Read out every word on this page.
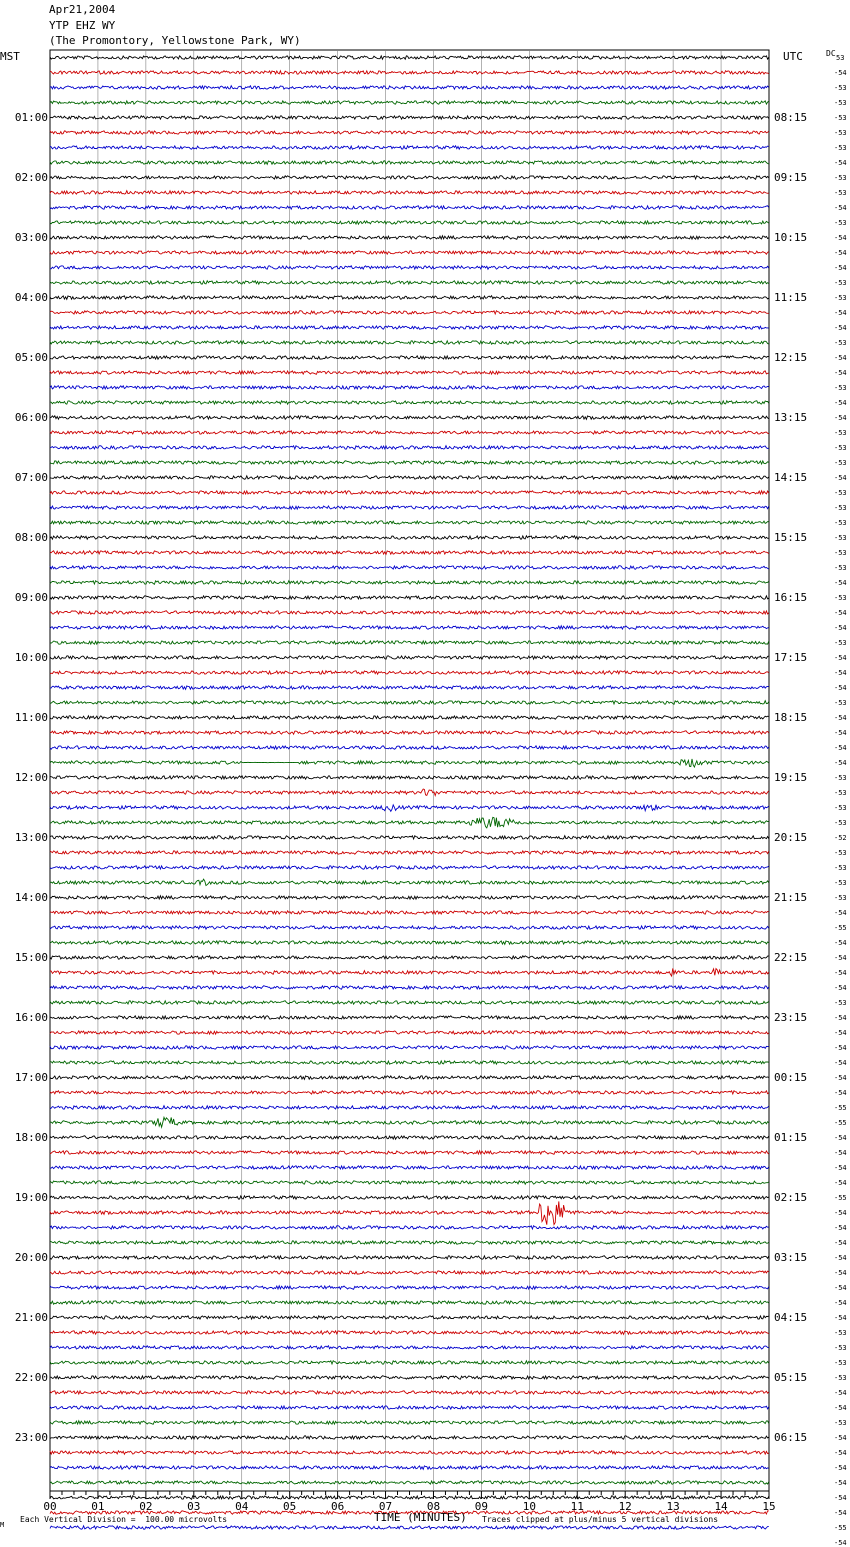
Apr21,2004
YTP EHZ WY
(The Promontory, Yellowstone Park, WY)
MST	UTC	DC
01:00
02:00
03:00
04:00
05:00
06:00
07:00
08:00
09:00
10:00
11:00
12:00
13:00
14:00
15:00
16:00
17:00
18:00
19:00
20:00
21:00
22:00
23:00
08:15
09:15
10:15
11:15
12:15
13:15
14:15
15:15
16:15
17:15
18:15
19:15
20:15
21:15
22:15
23:15
00:15
01:15
02:15
03:15
04:15
05:15
06:15
53
-54
-53
-53
-53
-53
-53
-54
-53
-53
-54
-53
-54
-54
-54
-53
-53
-54
-54
-53
-54
-54
-53
-54
-54
-53
-53
-53
-54
-53
-53
-53
-53
-53
-53
-54
-53
-54
-54
-53
-54
-54
-54
-53
-54
-54
-54
-54
-53
-53
-53
-53
-52
-53
-53
-53
-53
-54
-55
-54
-54
-54
-54
-53
-54
-54
-54
-54
-54
-54
-55
-55
-54
-54
-54
-54
-55
-54
-54
-54
-54
-54
-54
-54
-54
-53
-53
-53
-53
-54
-54
-53
-54
-54
-54
-54
-54
-54
-55
-54
00	01	02	03	04	05	06	07	08	09	10	11	12	13	14	15
M
Each Vertical Division =  100.00 microvolts	TIME (MINUTES) Traces clipped at plus/minus 5 vertical divisions
